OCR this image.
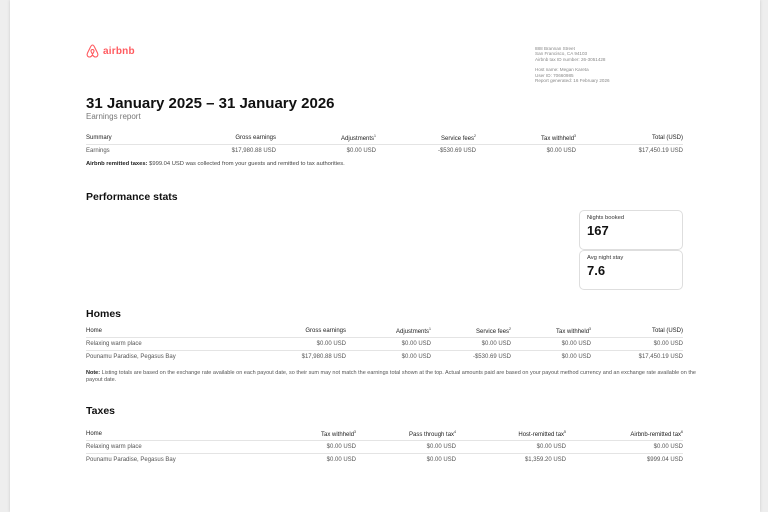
airbnb	888 Brannan Street
San Francisco, CA 94103
Airbnb tax ID number: 26-3051428
Host name: Megan Kareta
User ID: 70660985
Report generated: 16 February 2026
31 January 2025 – 31 January 2026
Earnings report
Summary	Gross earnings	Adjustments$^1$	Service fees$^2$	Tax withheld$^3$	Total (USD)
Earnings	$17,980.88 USD	$0.00 USD	-$530.69 USD	$0.00 USD	$17,450.19 USD
Airbnb remitted taxes: $999.04 USD was collected from your guests and remitted to tax authorities.
Performance stats
Nights booked
167
Avg night stay
7.6
Homes
Home	Gross earnings	Adjustments$^1$	Service fees$^2$	Tax withheld$^3$	Total (USD)
Relaxing warm place	$0.00 USD	$0.00 USD	$0.00 USD	$0.00 USD	$0.00 USD
Pounamu Paradise, Pegasus Bay	$17,980.88 USD	$0.00 USD	-$530.69 USD	$0.00 USD	$17,450.19 USD
Note: Listing totals are based on the exchange rate available on each payout date, so their sum may not match the earnings total shown at the top. Actual amounts paid are based on your payout method currency and an exchange rate available on the payout date.
Taxes
Home	Tax withheld$^3$	Pass through tax$^4$	Host-remitted tax$^5$	Airbnb-remitted tax$^6$
Relaxing warm place	$0.00 USD	$0.00 USD	$0.00 USD	$0.00 USD
Pounamu Paradise, Pegasus Bay	$0.00 USD	$0.00 USD	$1,359.20 USD	$999.04 USD
